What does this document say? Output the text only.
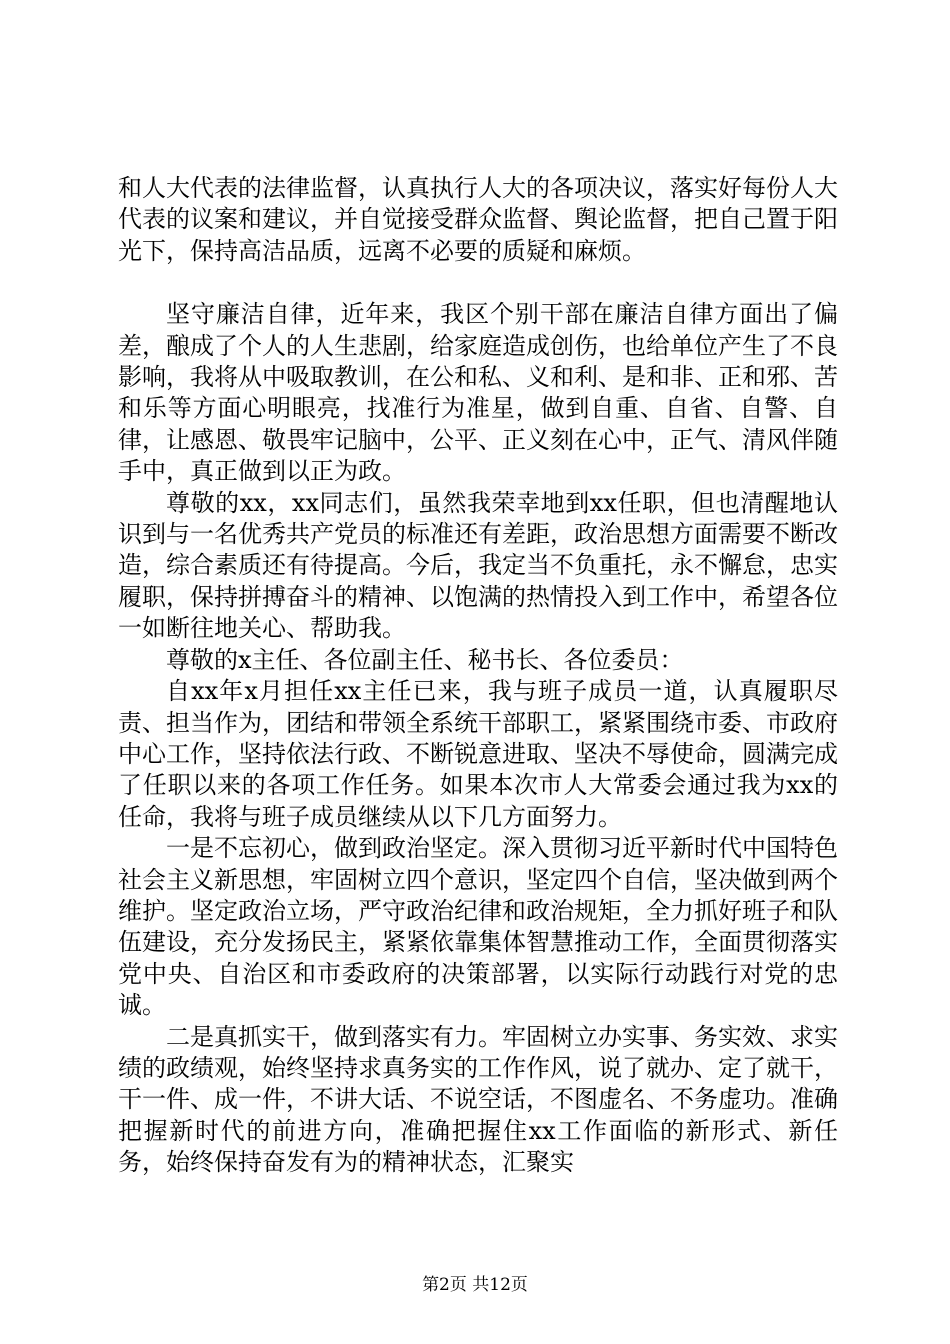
和人大代表的法律监督，认真执行人大的各项决议，落实好每份人大代表的议案和建议，并自觉接受群众监督、舆论监督，把自己置于阳光下，保持高洁品质，远离不必要的质疑和麻烦。

坚守廉洁自律，近年来，我区个别干部在廉洁自律方面出了偏差，酿成了个人的人生悲剧，给家庭造成创伤，也给单位产生了不良影响，我将从中吸取教训，在公和私、义和利、是和非、正和邪、苦和乐等方面心明眼亮，找准行为准星，做到自重、自省、自警、自律，让感恩、敬畏牢记脑中，公平、正义刻在心中，正气、清风伴随手中，真正做到以正为政。

尊敬的xx，xx同志们，虽然我荣幸地到xx任职，但也清醒地认识到与一名优秀共产党员的标准还有差距，政治思想方面需要不断改造，综合素质还有待提高。今后，我定当不负重托，永不懈怠，忠实履职，保持拼搏奋斗的精神、以饱满的热情投入到工作中，希望各位一如断往地关心、帮助我。

尊敬的x主任、各位副主任、秘书长、各位委员：

自xx年x月担任xx主任已来，我与班子成员一道，认真履职尽责、担当作为，团结和带领全系统干部职工，紧紧围绕市委、市政府中心工作，坚持依法行政、不断锐意进取、坚决不辱使命，圆满完成了任职以来的各项工作任务。如果本次市人大常委会通过我为xx的任命，我将与班子成员继续从以下几方面努力。

一是不忘初心，做到政治坚定。深入贯彻习近平新时代中国特色社会主义新思想，牢固树立四个意识，坚定四个自信，坚决做到两个维护。坚定政治立场，严守政治纪律和政治规矩，全力抓好班子和队伍建设，充分发扬民主，紧紧依靠集体智慧推动工作，全面贯彻落实党中央、自治区和市委政府的决策部署，以实际行动践行对党的忠诚。

二是真抓实干，做到落实有力。牢固树立办实事、务实效、求实绩的政绩观，始终坚持求真务实的工作作风，说了就办、定了就干，干一件、成一件，不讲大话、不说空话，不图虚名、不务虚功。准确把握新时代的前进方向，准确把握住xx工作面临的新形式、新任务，始终保持奋发有为的精神状态，汇聚实

第2页 共12页
